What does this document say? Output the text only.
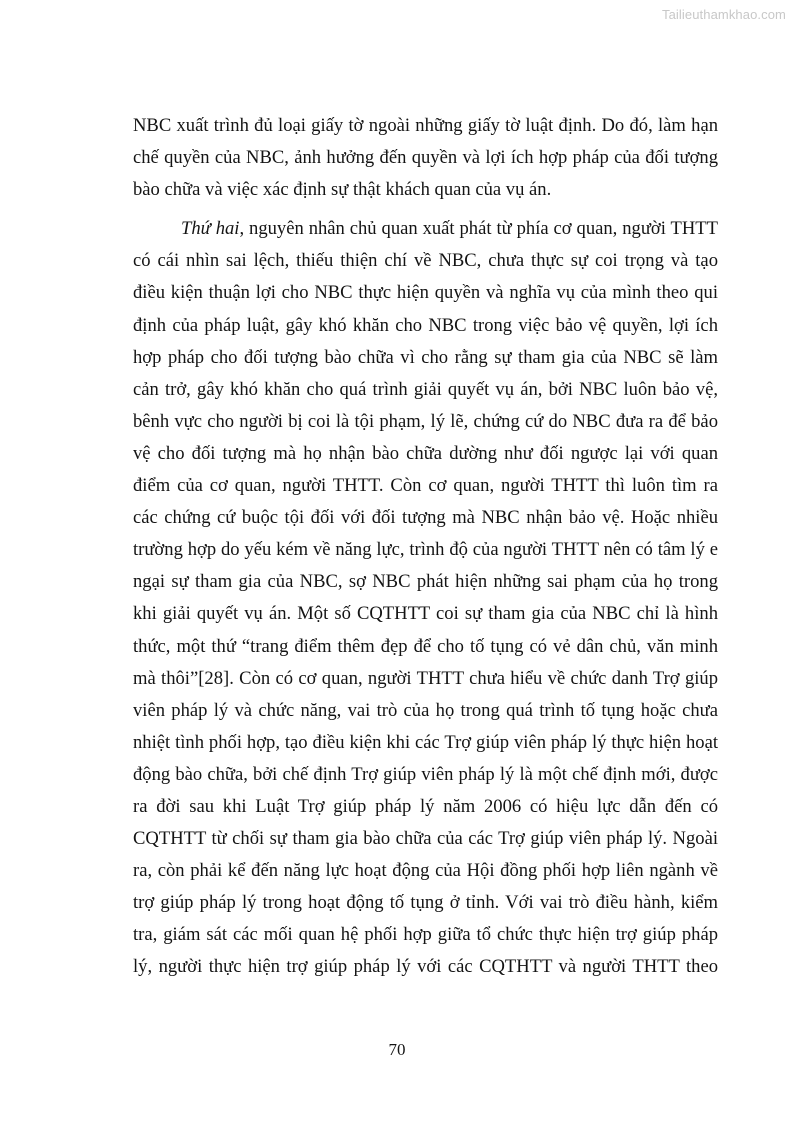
Tailieuthamkhao.com
NBC xuất trình đủ loại giấy tờ ngoài những giấy tờ luật định. Do đó, làm hạn
chế quyền của NBC, ảnh hưởng đến quyền và lợi ích hợp pháp của đối tượng
bào chữa và việc xác định sự thật khách quan của vụ án.
Thứ hai, nguyên nhân chủ quan xuất phát từ phía cơ quan, người THTT
có cái nhìn sai lệch, thiếu thiện chí về NBC, chưa thực sự coi trọng và tạo
điều kiện thuận lợi cho NBC thực hiện quyền và nghĩa vụ của mình theo qui
định của pháp luật, gây khó khăn cho NBC trong việc bảo vệ quyền, lợi ích
hợp pháp cho đối tượng bào chữa vì cho rằng sự tham gia của NBC sẽ làm
cản trở, gây khó khăn cho quá trình giải quyết vụ án, bởi NBC luôn bảo vệ,
bênh vực cho người bị coi là tội phạm, lý lẽ, chứng cứ do NBC đưa ra để bảo
vệ cho đối tượng mà họ nhận bào chữa dường như đối ngược lại với quan
điểm của cơ quan, người THTT. Còn cơ quan, người THTT thì luôn tìm ra
các chứng cứ buộc tội đối với đối tượng mà NBC nhận bảo vệ. Hoặc nhiều
trường hợp do yếu kém về năng lực, trình độ của người THTT nên có tâm lý e
ngại sự tham gia của NBC, sợ NBC phát hiện những sai phạm của họ trong
khi giải quyết vụ án. Một số CQTHTT coi sự tham gia của NBC chỉ là hình
thức, một thứ “trang điểm thêm đẹp để cho tố tụng có vẻ dân chủ, văn minh
mà thôi”[28]. Còn có cơ quan, người THTT chưa hiểu về chức danh Trợ giúp
viên pháp lý và chức năng, vai trò của họ trong quá trình tố tụng hoặc chưa
nhiệt tình phối hợp, tạo điều kiện khi các Trợ giúp viên pháp lý thực hiện hoạt
động bào chữa, bởi chế định Trợ giúp viên pháp lý là một chế định mới, được
ra đời sau khi Luật Trợ giúp pháp lý năm 2006 có hiệu lực dẫn đến có
CQTHTT từ chối sự tham gia bào chữa của các Trợ giúp viên pháp lý. Ngoài
ra, còn phải kể đến năng lực hoạt động của Hội đồng phối hợp liên ngành về
trợ giúp pháp lý trong hoạt động tố tụng ở tỉnh. Với vai trò điều hành, kiểm
tra, giám sát các mối quan hệ phối hợp giữa tổ chức thực hiện trợ giúp pháp
lý, người thực hiện trợ giúp pháp lý với các CQTHTT và người THTT theo
70
